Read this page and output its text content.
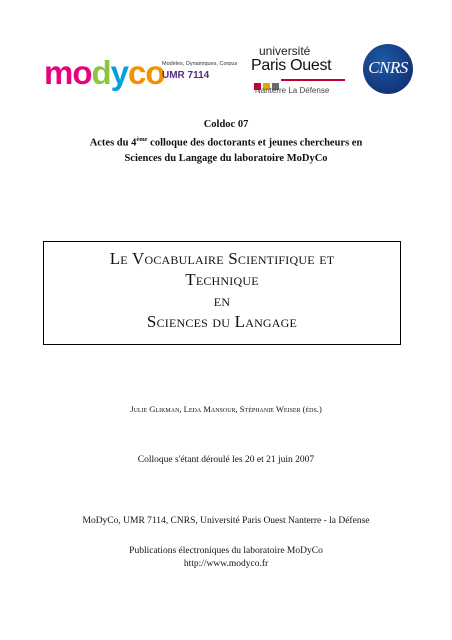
modyco
Modèles, Dynamiques, Corpus
UMR 7114
université
Paris Ouest
Nanterre La Défense
CNRS
Coldoc 07
Actes du 4ème colloque des doctorants et jeunes chercheurs en
Sciences du Langage du laboratoire MoDyCo
Le Vocabulaire Scientifique et
Technique
en
Sciences du Langage
Julie Glikman, Leda Mansour, Stéphanie Weiser (éds.)
Colloque s'étant déroulé les 20 et 21 juin 2007
MoDyCo, UMR 7114, CNRS, Université Paris Ouest Nanterre - la Défense
Publications électroniques du laboratoire MoDyCo
http://www.modyco.fr
